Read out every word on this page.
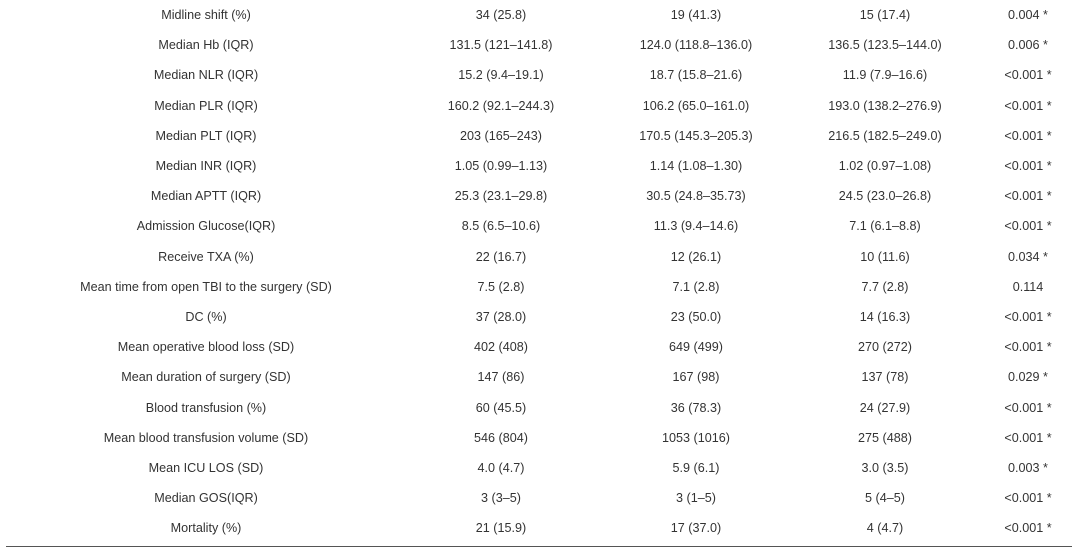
Midline shift (%)	34 (25.8)	19 (41.3)	15 (17.4)	0.004 *
Median Hb (IQR)	131.5 (121–141.8)	124.0 (118.8–136.0)	136.5 (123.5–144.0)	0.006 *
Median NLR (IQR)	15.2 (9.4–19.1)	18.7 (15.8–21.6)	11.9 (7.9–16.6)	<0.001 *
Median PLR (IQR)	160.2 (92.1–244.3)	106.2 (65.0–161.0)	193.0 (138.2–276.9)	<0.001 *
Median PLT (IQR)	203 (165–243)	170.5 (145.3–205.3)	216.5 (182.5–249.0)	<0.001 *
Median INR (IQR)	1.05 (0.99–1.13)	1.14 (1.08–1.30)	1.02 (0.97–1.08)	<0.001 *
Median APTT (IQR)	25.3 (23.1–29.8)	30.5 (24.8–35.73)	24.5 (23.0–26.8)	<0.001 *
Admission Glucose(IQR)	8.5 (6.5–10.6)	11.3 (9.4–14.6)	7.1 (6.1–8.8)	<0.001 *
Receive TXA (%)	22 (16.7)	12 (26.1)	10 (11.6)	0.034 *
Mean time from open TBI to the surgery (SD)	7.5 (2.8)	7.1 (2.8)	7.7 (2.8)	0.114
DC (%)	37 (28.0)	23 (50.0)	14 (16.3)	<0.001 *
Mean operative blood loss (SD)	402 (408)	649 (499)	270 (272)	<0.001 *
Mean duration of surgery (SD)	147 (86)	167 (98)	137 (78)	0.029 *
Blood transfusion (%)	60 (45.5)	36 (78.3)	24 (27.9)	<0.001 *
Mean blood transfusion volume (SD)	546 (804)	1053 (1016)	275 (488)	<0.001 *
Mean ICU LOS (SD)	4.0 (4.7)	5.9 (6.1)	3.0 (3.5)	0.003 *
Median GOS(IQR)	3 (3–5)	3 (1–5)	5 (4–5)	<0.001 *
Mortality (%)	21 (15.9)	17 (37.0)	4 (4.7)	<0.001 *
